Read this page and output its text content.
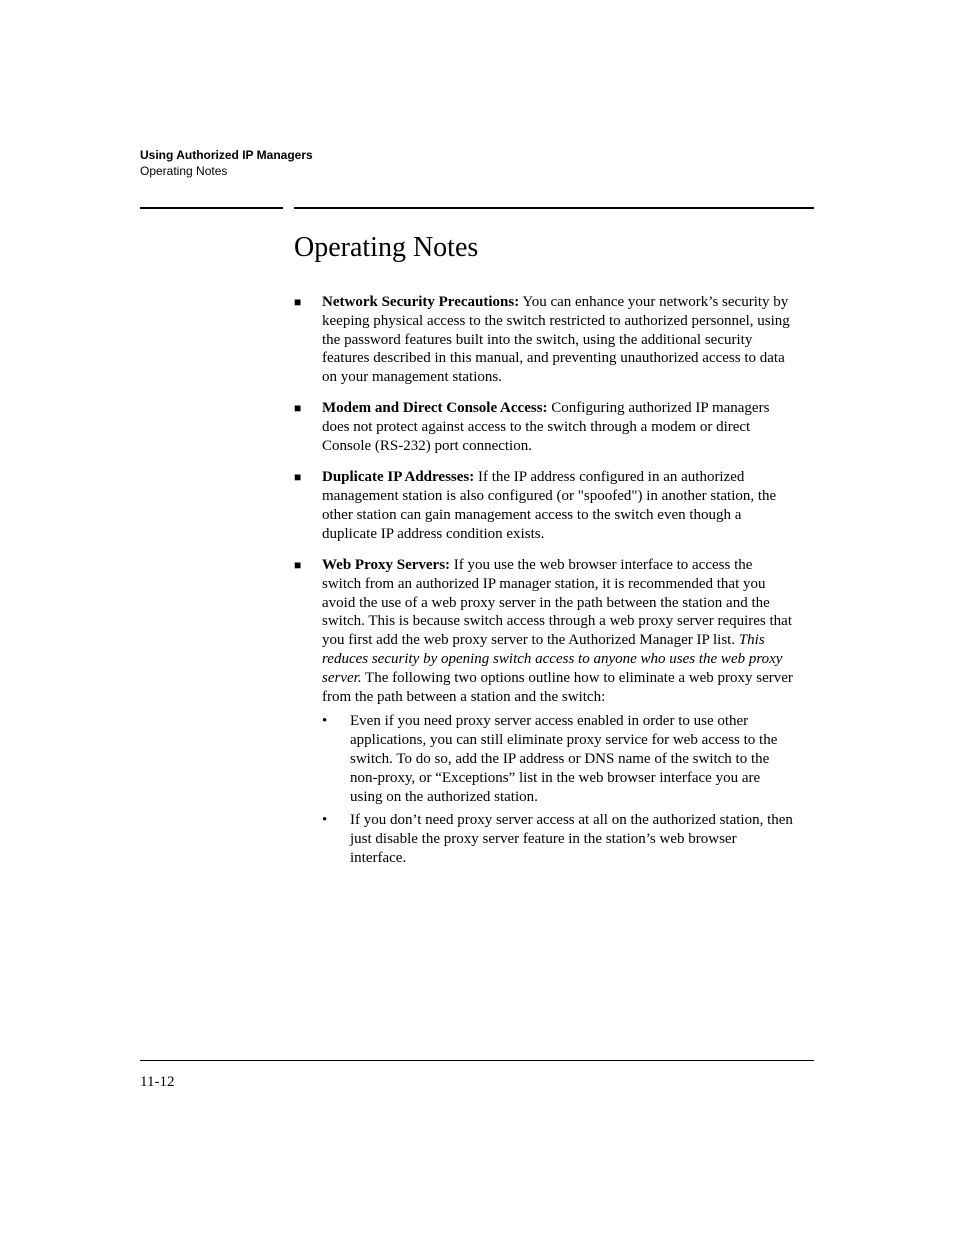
Using Authorized IP Managers
Operating Notes
Operating Notes
■ Network Security Precautions: You can enhance your network’s security by keeping physical access to the switch restricted to authorized personnel, using the password features built into the switch, using the additional security features described in this manual, and preventing unauthorized access to data on your management stations.
■ Modem and Direct Console Access: Configuring authorized IP managers does not protect against access to the switch through a modem or direct Console (RS-232) port connection.
■ Duplicate IP Addresses: If the IP address configured in an authorized management station is also configured (or "spoofed") in another station, the other station can gain management access to the switch even though a duplicate IP address condition exists.
■ Web Proxy Servers: If you use the web browser interface to access the switch from an authorized IP manager station, it is recommended that you avoid the use of a web proxy server in the path between the station and the switch. This is because switch access through a web proxy server requires that you first add the web proxy server to the Authorized Manager IP list. This reduces security by opening switch access to anyone who uses the web proxy server. The following two options outline how to eliminate a web proxy server from the path between a station and the switch:
• Even if you need proxy server access enabled in order to use other applications, you can still eliminate proxy service for web access to the switch. To do so, add the IP address or DNS name of the switch to the non-proxy, or “Exceptions” list in the web browser interface you are using on the authorized station.
• If you don’t need proxy server access at all on the authorized station, then just disable the proxy server feature in the station’s web browser interface.
11-12
